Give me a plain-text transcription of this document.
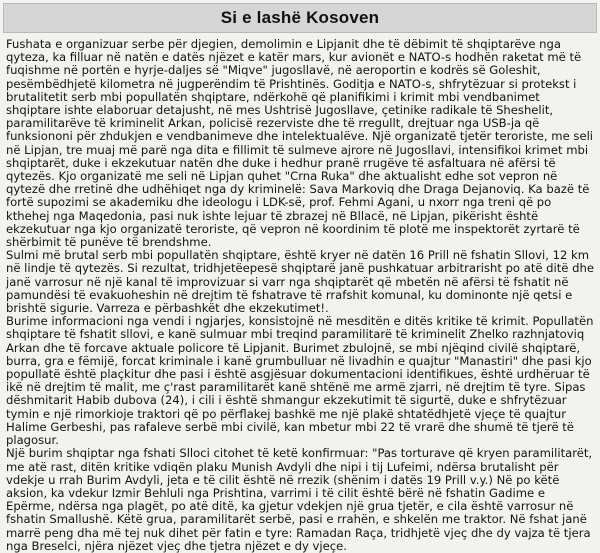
Si e lashë Kosoven

Fushata e organizuar serbe për djegien, demolimin e Lipjanit dhe të dëbimit të shqiptarëve nga qyteza, ka filluar në natën e datës njëzet e katër mars, kur avionët e NATO-s hodhën raketat më të fuqishme në portën e hyrje-daljes së "Miqve" jugosllavë, në aeroportin e kodrës së Goleshit, pesëmbëdhjetë kilometra në jugperëndim të Prishtinës. Goditja e NATO-s, shfrytëzuar si protekst i brutalitetit serb mbi popullatën shqiptare, ndërkohë që planifikimi i krimit mbi vendbanimet shqiptare ishte elaboruar detajusht, në mes Ushtrisë Jugosllave, çetinike radikale të Sheshelit, paramilitarëve të kriminelit Arkan, policisë rezerviste dhe të rregullt, drejtuar nga USB-ja që funksiononi për zhdukjen e vendbanimeve dhe intelektualëve. Një organizatë tjetër teroriste, me seli në Lipjan, tre muaj më parë nga dita e fillimit të sulmeve ajrore në Jugosllavi, intensifikoi krimet mbi shqiptarët, duke i ekzekutuar natën dhe duke i hedhur pranë rrugëve të asfaltuara në afërsi të qytezës. Kjo organizatë me seli në Lipjan quhet "Crna Ruka" dhe aktualisht edhe sot vepron në qytezë dhe rretinë dhe udhëhiqet nga dy kriminelë: Sava Markoviq dhe Draga Dejanoviq. Ka bazë të fortë supozimi se akademiku dhe ideologu i LDK-së, prof. Fehmi Agani, u nxorr nga treni që po kthehej nga Maqedonia, pasi nuk ishte lejuar të zbrazej në Bllacë, në Lipjan, pikërisht është ekzekutuar nga kjo organizatë teroriste, që vepron në koordinim të plotë me inspektorët zyrtarë të shërbimit të punëve të brendshme.

Sulmi më brutal serb mbi popullatën shqiptare, është kryer në datën 16 Prill në fshatin Sllovi, 12 km në lindje të qytezës. Si rezultat, tridhjetëepesë shqiptarë janë pushkatuar arbitrarisht po atë ditë dhe janë varrosur në një kanal të improvizuar si varr nga shqiptarët që mbetën në afërsi të fshatit në pamundësi të evakuoheshin në drejtim të fshatrave të rrafshit komunal, ku dominonte një qetsi e brishtë sigurie. Varreza e përbashkët dhe ekzekutimet!.

Burime informacioni nga vendi i ngjarjes, konsistojnë në mesditën e ditës kritike të krimit. Popullatën shqiptare të fshatit sllovi, e kanë sulmuar mbi treqind paramilitarë të kriminelit Zhelko razhnjatoviq Arkan dhe të forcave aktuale policore të Lipjanit. Burimet zbulojnë, se mbi njëqind civilë shqiptarë, burra, gra e fëmijë, forcat kriminale i kanë grumbulluar në livadhin e quajtur "Manastiri" dhe pasi kjo popullatë është plaçkitur dhe pasi i është asgjësuar dokumentacioni identifikues, është urdhëruar të ikë në drejtim të malit, me ç'rast paramilitarët kanë shtënë me armë zjarri, në drejtim të tyre. Sipas dëshmitarit Habib dubova (24), i cili i është shmangur ekzekutimit të sigurtë, duke e shfrytëzuar tymin e një rimorkioje traktori që po përflakej bashkë me një plakë shtatëdhjetë vjeçe të quajtur Halime Gerbeshi, pas rafaleve serbë mbi civilë, kan mbetur mbi 22 të vrarë dhe shumë të tjerë të plagosur.

Një burim shqiptar nga fshati Slloci citohet të ketë konfirmuar: "Pas torturave që kryen paramilitarët, me atë rast, ditën kritike vdiqën plaku Munish Avdyli dhe nipi i tij Lufeimi, ndërsa brutalisht për vdekje u rrah Burim Avdyli, jeta e të cilit është në rrezik (shënim i datës 19 Prill v.y.) Në po këtë aksion, ka vdekur Izmir Behluli nga Prishtina, varrimi i të cilit është bërë në fshatin Gadime e Epërme, ndërsa nga plagët, po atë ditë, ka gjetur vdekjen një grua tjetër, e cila është varrosur në fshatin Smallushë. Këtë grua, paramilitarët serbë, pasi e rrahën, e shkelën me traktor. Në fshat janë marrë peng dha më tej nuk dihet për fatin e tyre: Ramadan Raça, tridhjetë vjeç dhe dy vajza të tjera nga Breselci, njëra njëzet vjeç dhe tjetra njëzet e dy vjeçe.
